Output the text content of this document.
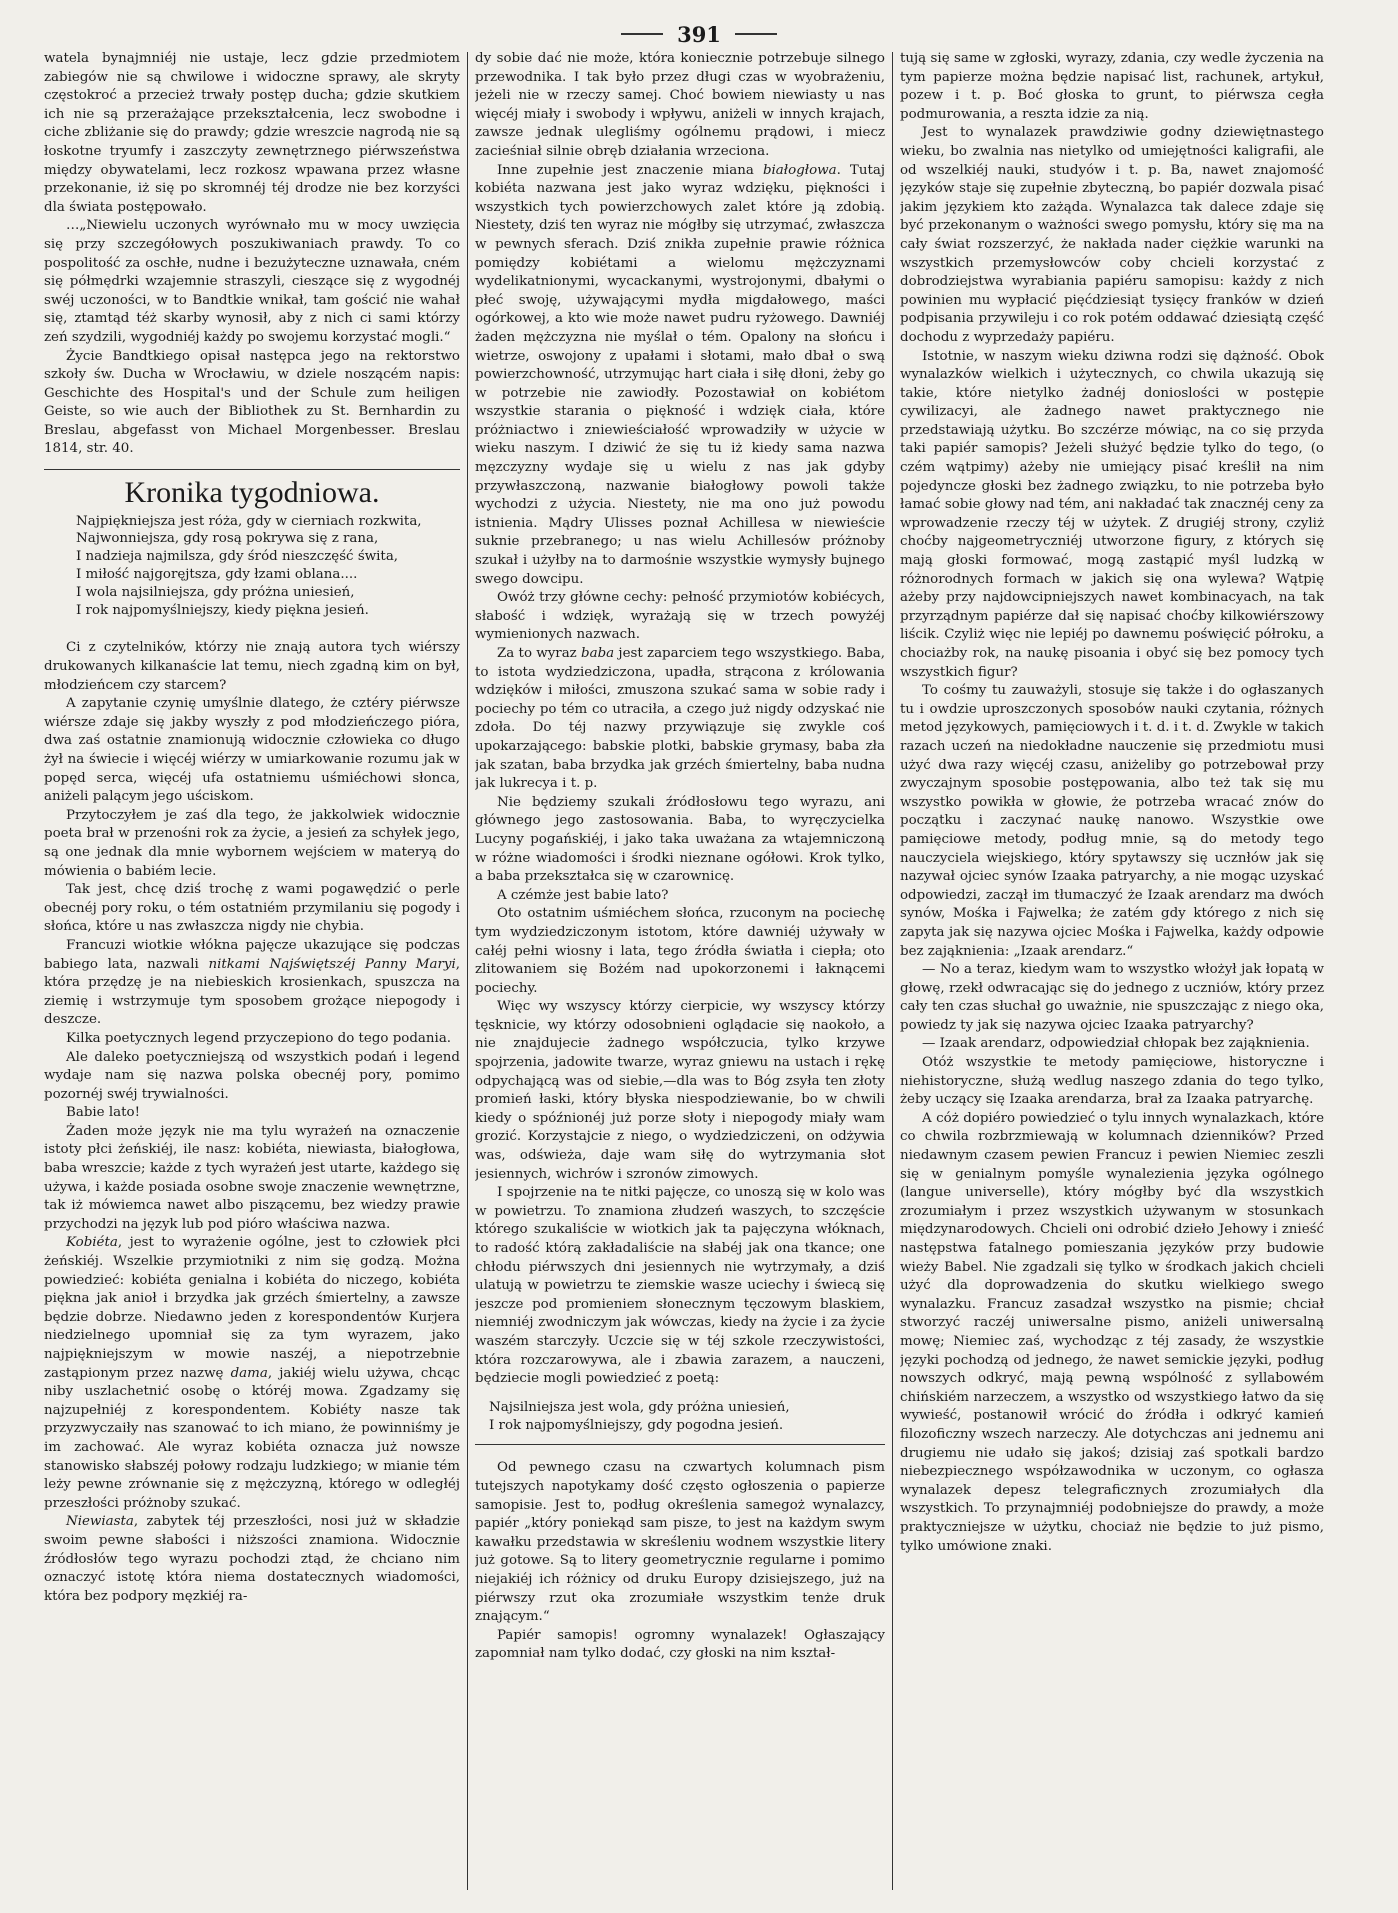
391

watela bynajmniéj nie ustaje, lecz gdzie przedmiotem zabiegów nie są chwilowe i widoczne sprawy, ale skryty częstokroć a przecież trwały postęp ducha; gdzie skutkiem ich nie są przerażające przekształcenia, lecz swobodne i ciche zbliżanie się do prawdy; gdzie wreszcie nagrodą nie są łoskotne tryumfy i zaszczyty zewnętrznego piérwszeństwa między obywatelami, lecz rozkosz wpawana przez własne przekonanie, iż się po skromnéj téj drodze nie bez korzyści dla świata postępowało.

…„Niewielu uczonych wyrównało mu w mocy uwzięcia się przy szczegółowych poszukiwaniach prawdy. To co pospolitość za oschłe, nudne i bezużyteczne uznawała, cném się półmędrki wzajemnie straszyli, cieszące się z wygodnéj swéj uczoności, w to Bandtkie wnikał, tam gościć nie wahał się, ztamtąd téż skarby wynosił, aby z nich ci sami którzy zeń szydzili, wygodniéj każdy po swojemu korzystać mogli.“

Życie Bandtkiego opisał następca jego na rektorstwo szkoły św. Ducha w Wrocławiu, w dziele noszącém napis: Geschichte des Hospital's und der Schule zum heiligen Geiste, so wie auch der Bibliothek zu St. Bernhardin zu Breslau, abgefasst von Michael Morgenbesser. Breslau 1814, str. 40.

Kronika tygodniowa.
Najpiękniejsza jest róża, gdy w cierniach rozkwita,
Najwonniejsza, gdy rosą pokrywa się z rana,
I nadzieja najmilsza, gdy śród nieszczęść świta,
I miłość najgoręjtsza, gdy łzami oblana....
I wola najsilniejsza, gdy próżna uniesień,
I rok najpomyślniejszy, kiedy piękna jesień.

Ci z czytelników, którzy nie znają autora tych wiérszy drukowanych kilkanaście lat temu, niech zgadną kim on był, młodzieńcem czy starcem?

A zapytanie czynię umyślnie dlatego, że cztéry piérwsze wiérsze zdaje się jakby wyszły z pod młodzieńczego pióra, dwa zaś ostatnie znamionują widocznie człowieka co długo żył na świecie i więcéj wiérzy w umiarkowanie rozumu jak w popęd serca, więcéj ufa ostatniemu uśmiéchowi słonca, aniżeli palącym jego uściskom.

Przytoczyłem je zaś dla tego, że jakkolwiek widocznie poeta brał w przenośni rok za życie, a jesień za schyłek jego, są one jednak dla mnie wybornem wejściem w materyą do mówienia o babiém lecie.

Tak jest, chcę dziś trochę z wami pogawędzić o perle obecnéj pory roku, o tém ostatniém przymilaniu się pogody i słońca, które u nas zwłaszcza nigdy nie chybia.

Francuzi wiotkie włókna pajęcze ukazujące się podczas babiego lata, nazwali nitkami Najświętszéj Panny Maryi, która przędzę je na niebieskich krosienkach, spuszcza na ziemię i wstrzymuje tym sposobem grożące niepogody i deszcze.

Kilka poetycznych legend przyczepiono do tego podania.

Ale daleko poetyczniejszą od wszystkich podań i legend wydaje nam się nazwa polska obecnéj pory, pomimo pozornéj swéj trywialności.

Babie lato!

Żaden może język nie ma tylu wyrażeń na oznaczenie istoty płci żeńskiéj, ile nasz: kobiéta, niewiasta, białogłowa, baba wreszcie; każde z tych wyrażeń jest utarte, każdego się używa, i każde posiada osobne swoje znaczenie wewnętrzne, tak iż mówiemca nawet albo piszącemu, bez wiedzy prawie przychodzi na język lub pod pióro właściwa nazwa.

Kobiéta, jest to wyrażenie ogólne, jest to człowiek płci żeńskiéj. Wszelkie przymiotniki z nim się godzą. Można powiedzieć: kobiéta genialna i kobiéta do niczego, kobiéta piękna jak anioł i brzydka jak grzéch śmiertelny, a zawsze będzie dobrze. Niedawno jeden z korespondentów Kurjera niedzielnego upomniał się za tym wyrazem, jako najpiękniejszym w mowie naszéj, a niepotrzebnie zastąpionym przez nazwę dama, jakiéj wielu używa, chcąc niby uszlachetnić osobę o któréj mowa. Zgadzamy się najzupełniéj z korespondentem. Kobiéty nasze tak przyzwyczaiły nas szanować to ich miano, że powinniśmy je im zachować. Ale wyraz kobiéta oznacza już nowsze stanowisko słabszéj połowy rodzaju ludzkiego; w mianie tém leży pewne zrównanie się z mężczyzną, którego w odległéj przeszłości próżnoby szukać.

Niewiasta, zabytek téj przeszłości, nosi już w składzie swoim pewne słabości i niższości znamiona. Widocznie źródłosłów tego wyrazu pochodzi ztąd, że chciano nim oznaczyć istotę która niema dostatecznych wiadomości, która bez podpory męzkiéj ra-

dy sobie dać nie może, która koniecznie potrzebuje silnego przewodnika. I tak było przez długi czas w wyobrażeniu, jeżeli nie w rzeczy samej. Choć bowiem niewiasty u nas więcéj miały i swobody i wpływu, aniżeli w innych krajach, zawsze jednak ulegliśmy ogólnemu prądowi, i miecz zacieśniał silnie obręb działania wrzeciona.

Inne zupełnie jest znaczenie miana białogłowa. Tutaj kobiéta nazwana jest jako wyraz wdzięku, piękności i wszystkich tych powierzchowych zalet które ją zdobią. Niestety, dziś ten wyraz nie mógłby się utrzymać, zwłaszcza w pewnych sferach. Dziś znikła zupełnie prawie różnica pomiędzy kobiétami a wielomu mężczyznami wydelikatnionymi, wycackanymi, wystrojonymi, dbałymi o płeć swoję, używającymi mydła migdałowego, maści ogórkowej, a kto wie może nawet pudru ryżowego. Dawniéj żaden mężczyzna nie myślał o tém. Opalony na słońcu i wietrze, oswojony z upałami i słotami, mało dbał o swą powierzchowność, utrzymując hart ciała i siłę dłoni, żeby go w potrzebie nie zawiodły. Pozostawiał on kobiétom wszystkie starania o piękność i wdzięk ciała, które próżniactwo i zniewieściałość wprowadziły w użycie w wieku naszym. I dziwić że się tu iż kiedy sama nazwa męzczyzny wydaje się u wielu z nas jak gdyby przywłaszczoną, nazwanie białogłowy powoli także wychodzi z użycia. Niestety, nie ma ono już powodu istnienia. Mądry Ulisses poznał Achillesa w niewieście suknie przebranego; u nas wielu Achillesów próżnoby szukał i użyłby na to darmośnie wszystkie wymysły bujnego swego dowcipu.

Owóż trzy główne cechy: pełność przymiotów kobiécych, słabość i wdzięk, wyrażają się w trzech powyżéj wymienionych nazwach.

Za to wyraz baba jest zaparciem tego wszystkiego. Baba, to istota wydziedziczona, upadła, strącona z królowania wdzięków i miłości, zmuszona szukać sama w sobie rady i pociechy po tém co utraciła, a czego już nigdy odzyskać nie zdoła. Do téj nazwy przywiązuje się zwykle coś upokarzającego: babskie plotki, babskie grymasy, baba zła jak szatan, baba brzydka jak grzéch śmiertelny, baba nudna jak lukrecya i t. p.

Nie będziemy szukali źródłosłowu tego wyrazu, ani głównego jego zastosowania. Baba, to wyręczycielka Lucyny pogańskiéj, i jako taka uważana za wtajemniczoną w różne wiadomości i środki nieznane ogółowi. Krok tylko, a baba przekształca się w czarownicę.

A czémże jest babie lato?

Oto ostatnim uśmiéchem słońca, rzuconym na pociechę tym wydziedziczonym istotom, które dawniéj używały w całéj pełni wiosny i lata, tego źródła światła i ciepła; oto zlitowaniem się Bożém nad upokorzonemi i łaknącemi pociechy.

Więc wy wszyscy którzy cierpicie, wy wszyscy którzy tęsknicie, wy którzy odosobnieni oglądacie się naokoło, a nie znajdujecie żadnego współczucia, tylko krzywe spojrzenia, jadowite twarze, wyraz gniewu na ustach i rękę odpychającą was od siebie,—dla was to Bóg zsyła ten złoty promień łaski, który błyska niespodziewanie, bo w chwili kiedy o spóźnionéj już porze słoty i niepogody miały wam grozić. Korzystajcie z niego, o wydziedziczeni, on odżywia was, odświeża, daje wam siłę do wytrzymania słot jesiennych, wichrów i szronów zimowych.

I spojrzenie na te nitki pajęcze, co unoszą się w kolo was w powietrzu. To znamiona złudzeń waszych, to szczęście którego szukaliście w wiotkich jak ta pajęczyna włóknach, to radość którą zakładaliście na słabéj jak ona tkance; one chłodu piérwszych dni jesiennych nie wytrzymały, a dziś ulatują w powietrzu te ziemskie wasze uciechy i świecą się jeszcze pod promieniem słonecznym tęczowym blaskiem, niemniéj zwodniczym jak wówczas, kiedy na życie i za życie waszém starczyły. Uczcie się w téj szkole rzeczywistości, która rozczarowywa, ale i zbawia zarazem, a nauczeni, będziecie mogli powiedzieć z poetą:

Najsilniejsza jest wola, gdy próżna uniesień,
I rok najpomyślniejszy, gdy pogodna jesień.

Od pewnego czasu na czwartych kolumnach pism tutejszych napotykamy dość często ogłoszenia o papierze samopisie. Jest to, podług określenia samegoż wynalazcy, papiér „który poniekąd sam pisze, to jest na każdym swym kawałku przedstawia w skreśleniu wodnem wszystkie litery już gotowe. Są to litery geometrycznie regularne i pomimo niejakiéj ich różnicy od druku Europy dzisiejszego, już na piérwszy rzut oka zrozumiałe wszystkim tenże druk znającym.“

Papiér samopis! ogromny wynalazek! Ogłaszający zapomniał nam tylko dodać, czy głoski na nim kształ-

tują się same w zgłoski, wyrazy, zdania, czy wedle życzenia na tym papierze można będzie napisać list, rachunek, artykuł, pozew i t. p. Boć głoska to grunt, to piérwsza cegła podmurowania, a reszta idzie za nią.

Jest to wynalazek prawdziwie godny dziewiętnastego wieku, bo zwalnia nas nietylko od umiejętności kaligrafii, ale od wszelkiéj nauki, studyów i t. p. Ba, nawet znajomość języków staje się zupełnie zbyteczną, bo papiér dozwala pisać jakim językiem kto zażąda. Wynalazca tak dalece zdaje się być przekonanym o ważności swego pomysłu, który się ma na cały świat rozszerzyć, że nakłada nader ciężkie warunki na wszystkich przemysłowców coby chcieli korzystać z dobrodziejstwa wyrabiania papiéru samopisu: każdy z nich powinien mu wypłacić pięćdziesiąt tysięcy franków w dzień podpisania przywileju i co rok potém oddawać dziesiątą część dochodu z wyprzedaży papiéru.

Istotnie, w naszym wieku dziwna rodzi się dążność. Obok wynalazków wielkich i użytecznych, co chwila ukazują się takie, które nietylko żadnéj donioslości w postępie cywilizacyi, ale żadnego nawet praktycznego nie przedstawiają użytku. Bo szczérze mówiąc, na co się przyda taki papiér samopis? Jeżeli służyć będzie tylko do tego, (o czém wątpimy) ażeby nie umiejący pisać kreślił na nim pojedyncze głoski bez żadnego związku, to nie potrzeba było łamać sobie głowy nad tém, ani nakładać tak znacznéj ceny za wprowadzenie rzeczy téj w użytek. Z drugiéj strony, czyliż choćby najgeometryczniéj utworzone figury, z których się mają głoski formować, mogą zastąpić myśl ludzką w różnorodnych formach w jakich się ona wylewa? Wątpię ażeby przy najdowcipniejszych nawet kombinacyach, na tak przyrządnym papiérze dał się napisać choćby kilkowiérszowy liścik. Czyliż więc nie lepiéj po dawnemu poświęcić półroku, a chociażby rok, na naukę pisoania i obyć się bez pomocy tych wszystkich figur?

To cośmy tu zauważyli, stosuje się także i do ogłaszanych tu i owdzie uproszczonych sposobów nauki czytania, różnych metod językowych, pamięciowych i t. d. i t. d. Zwykle w takich razach uczeń na niedokładne nauczenie się przedmiotu musi użyć dwa razy więcéj czasu, aniżeliby go potrzebował przy zwyczajnym sposobie postępowania, albo też tak się mu wszystko powikła w głowie, że potrzeba wracać znów do początku i zaczynać naukę nanowo. Wszystkie owe pamięciowe metody, podług mnie, są do metody tego nauczyciela wiejskiego, który spytawszy się ucznłów jak się nazywał ojciec synów Izaaka patryarchy, a nie mogąc uzyskać odpowiedzi, zaczął im tłumaczyć że Izaak arendarz ma dwóch synów, Mośka i Fajwelka; że zatém gdy którego z nich się zapyta jak się nazywa ojciec Mośka i Fajwelka, każdy odpowie bez zająknienia: „Izaak arendarz.“

— No a teraz, kiedym wam to wszystko włożył jak łopatą w głowę, rzekł odwracając się do jednego z uczniów, który przez cały ten czas słuchał go uważnie, nie spuszczając z niego oka, powiedz ty jak się nazywa ojciec Izaaka patryarchy?

— Izaak arendarz, odpowiedział chłopak bez zająknienia.

Otóż wszystkie te metody pamięciowe, historyczne i niehistoryczne, służą wedlug naszego zdania do tego tylko, żeby uczący się Izaaka arendarza, brał za Izaaka patryarchę.

A cóż dopiéro powiedzieć o tylu innych wynalazkach, które co chwila rozbrzmiewają w kolumnach dzienników? Przed niedawnym czasem pewien Francuz i pewien Niemiec zeszli się w genialnym pomyśle wynalezienia języka ogólnego (langue universelle), który mógłby być dla wszystkich zrozumiałym i przez wszystkich używanym w stosunkach międzynarodowych. Chcieli oni odrobić dzieło Jehowy i znieść następstwa fatalnego pomieszania języków przy budowie wieży Babel. Nie zgadzali się tylko w środkach jakich chcieli użyć dla doprowadzenia do skutku wielkiego swego wynalazku. Francuz zasadzał wszystko na pismie; chciał stworzyć raczéj uniwersalne pismo, aniżeli uniwersalną mowę; Niemiec zaś, wychodząc z téj zasady, że wszystkie języki pochodzą od jednego, że nawet semickie języki, podług nowszych odkryć, mają pewną wspólność z syllabowém chińskiém narzeczem, a wszystko od wszystkiego łatwo da się wywieść, postanowił wrócić do źródła i odkryć kamień filozoficzny wszech narzeczy. Ale dotychczas ani jednemu ani drugiemu nie udało się jakoś; dzisiaj zaś spotkali bardzo niebezpiecznego współzawodnika w uczonym, co ogłasza wynalazek depesz telegraficznych zrozumiałych dla wszystkich. To przynajmniéj podobniejsze do prawdy, a może praktyczniejsze w użytku, chociaż nie będzie to już pismo, tylko umówione znaki.
